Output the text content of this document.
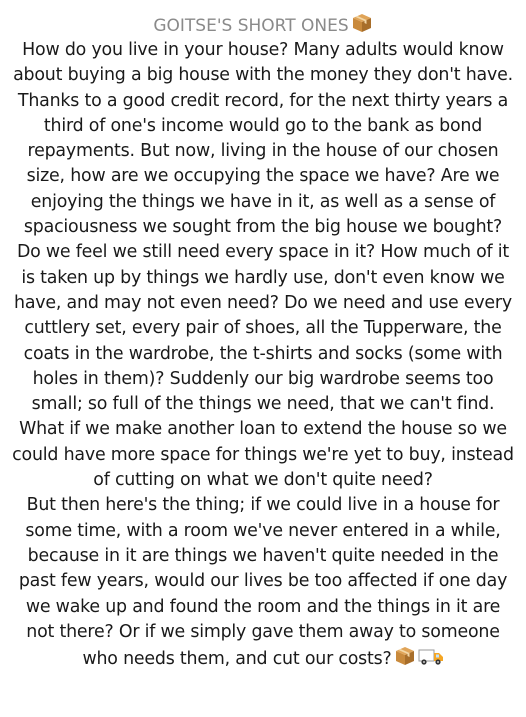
GOITSE'S SHORT ONES

How do you live in your house? Many adults would know about buying a big house with the money they don't have. Thanks to a good credit record, for the next thirty years a third of one's income would go to the bank as bond repayments. But now, living in the house of our chosen size, how are we occupying the space we have? Are we enjoying the things we have in it, as well as a sense of spaciousness we sought from the big house we bought? Do we feel we still need every space in it? How much of it is taken up by things we hardly use, don't even know we have, and may not even need? Do we need and use every cuttlery set, every pair of shoes, all the Tupperware, the coats in the wardrobe, the t-shirts and socks (some with holes in them)? Suddenly our big wardrobe seems too small; so full of the things we need, that we can't find. What if we make another loan to extend the house so we could have more space for things we're yet to buy, instead of cutting on what we don't quite need?

But then here's the thing; if we could live in a house for some time, with a room we've never entered in a while, because in it are things we haven't quite needed in the past few years, would our lives be too affected if one day we wake up and found the room and the things in it are not there? Or if we simply gave them away to someone who needs them, and cut our costs?
